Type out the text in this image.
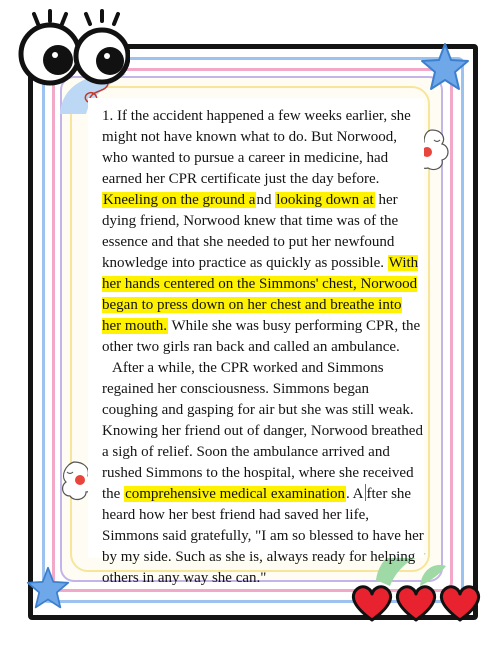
1. If the accident happened a few weeks earlier, she might not have known what to do. But Norwood, who wanted to pursue a career in medicine, had earned her CPR certificate just the day before. Kneeling on the ground and looking down at her dying friend, Norwood knew that time was of the essence and that she needed to put her newfound knowledge into practice as quickly as possible. With her hands centered on the Simmons' chest, Norwood began to press down on her chest and breathe into her mouth. While she was busy performing CPR, the other two girls ran back and called an ambulance.

After a while, the CPR worked and Simmons regained her consciousness. Simmons began coughing and gasping for air but she was still weak. Knowing her friend out of danger, Norwood breathed a sigh of relief. Soon the ambulance arrived and rushed Simmons to the hospital, where she received the comprehensive medical examination. A fter she heard how her best friend had saved her life, Simmons said gratefully, "I am so blessed to have her by my side. Such as she is, always ready for helping others in any way she can."
